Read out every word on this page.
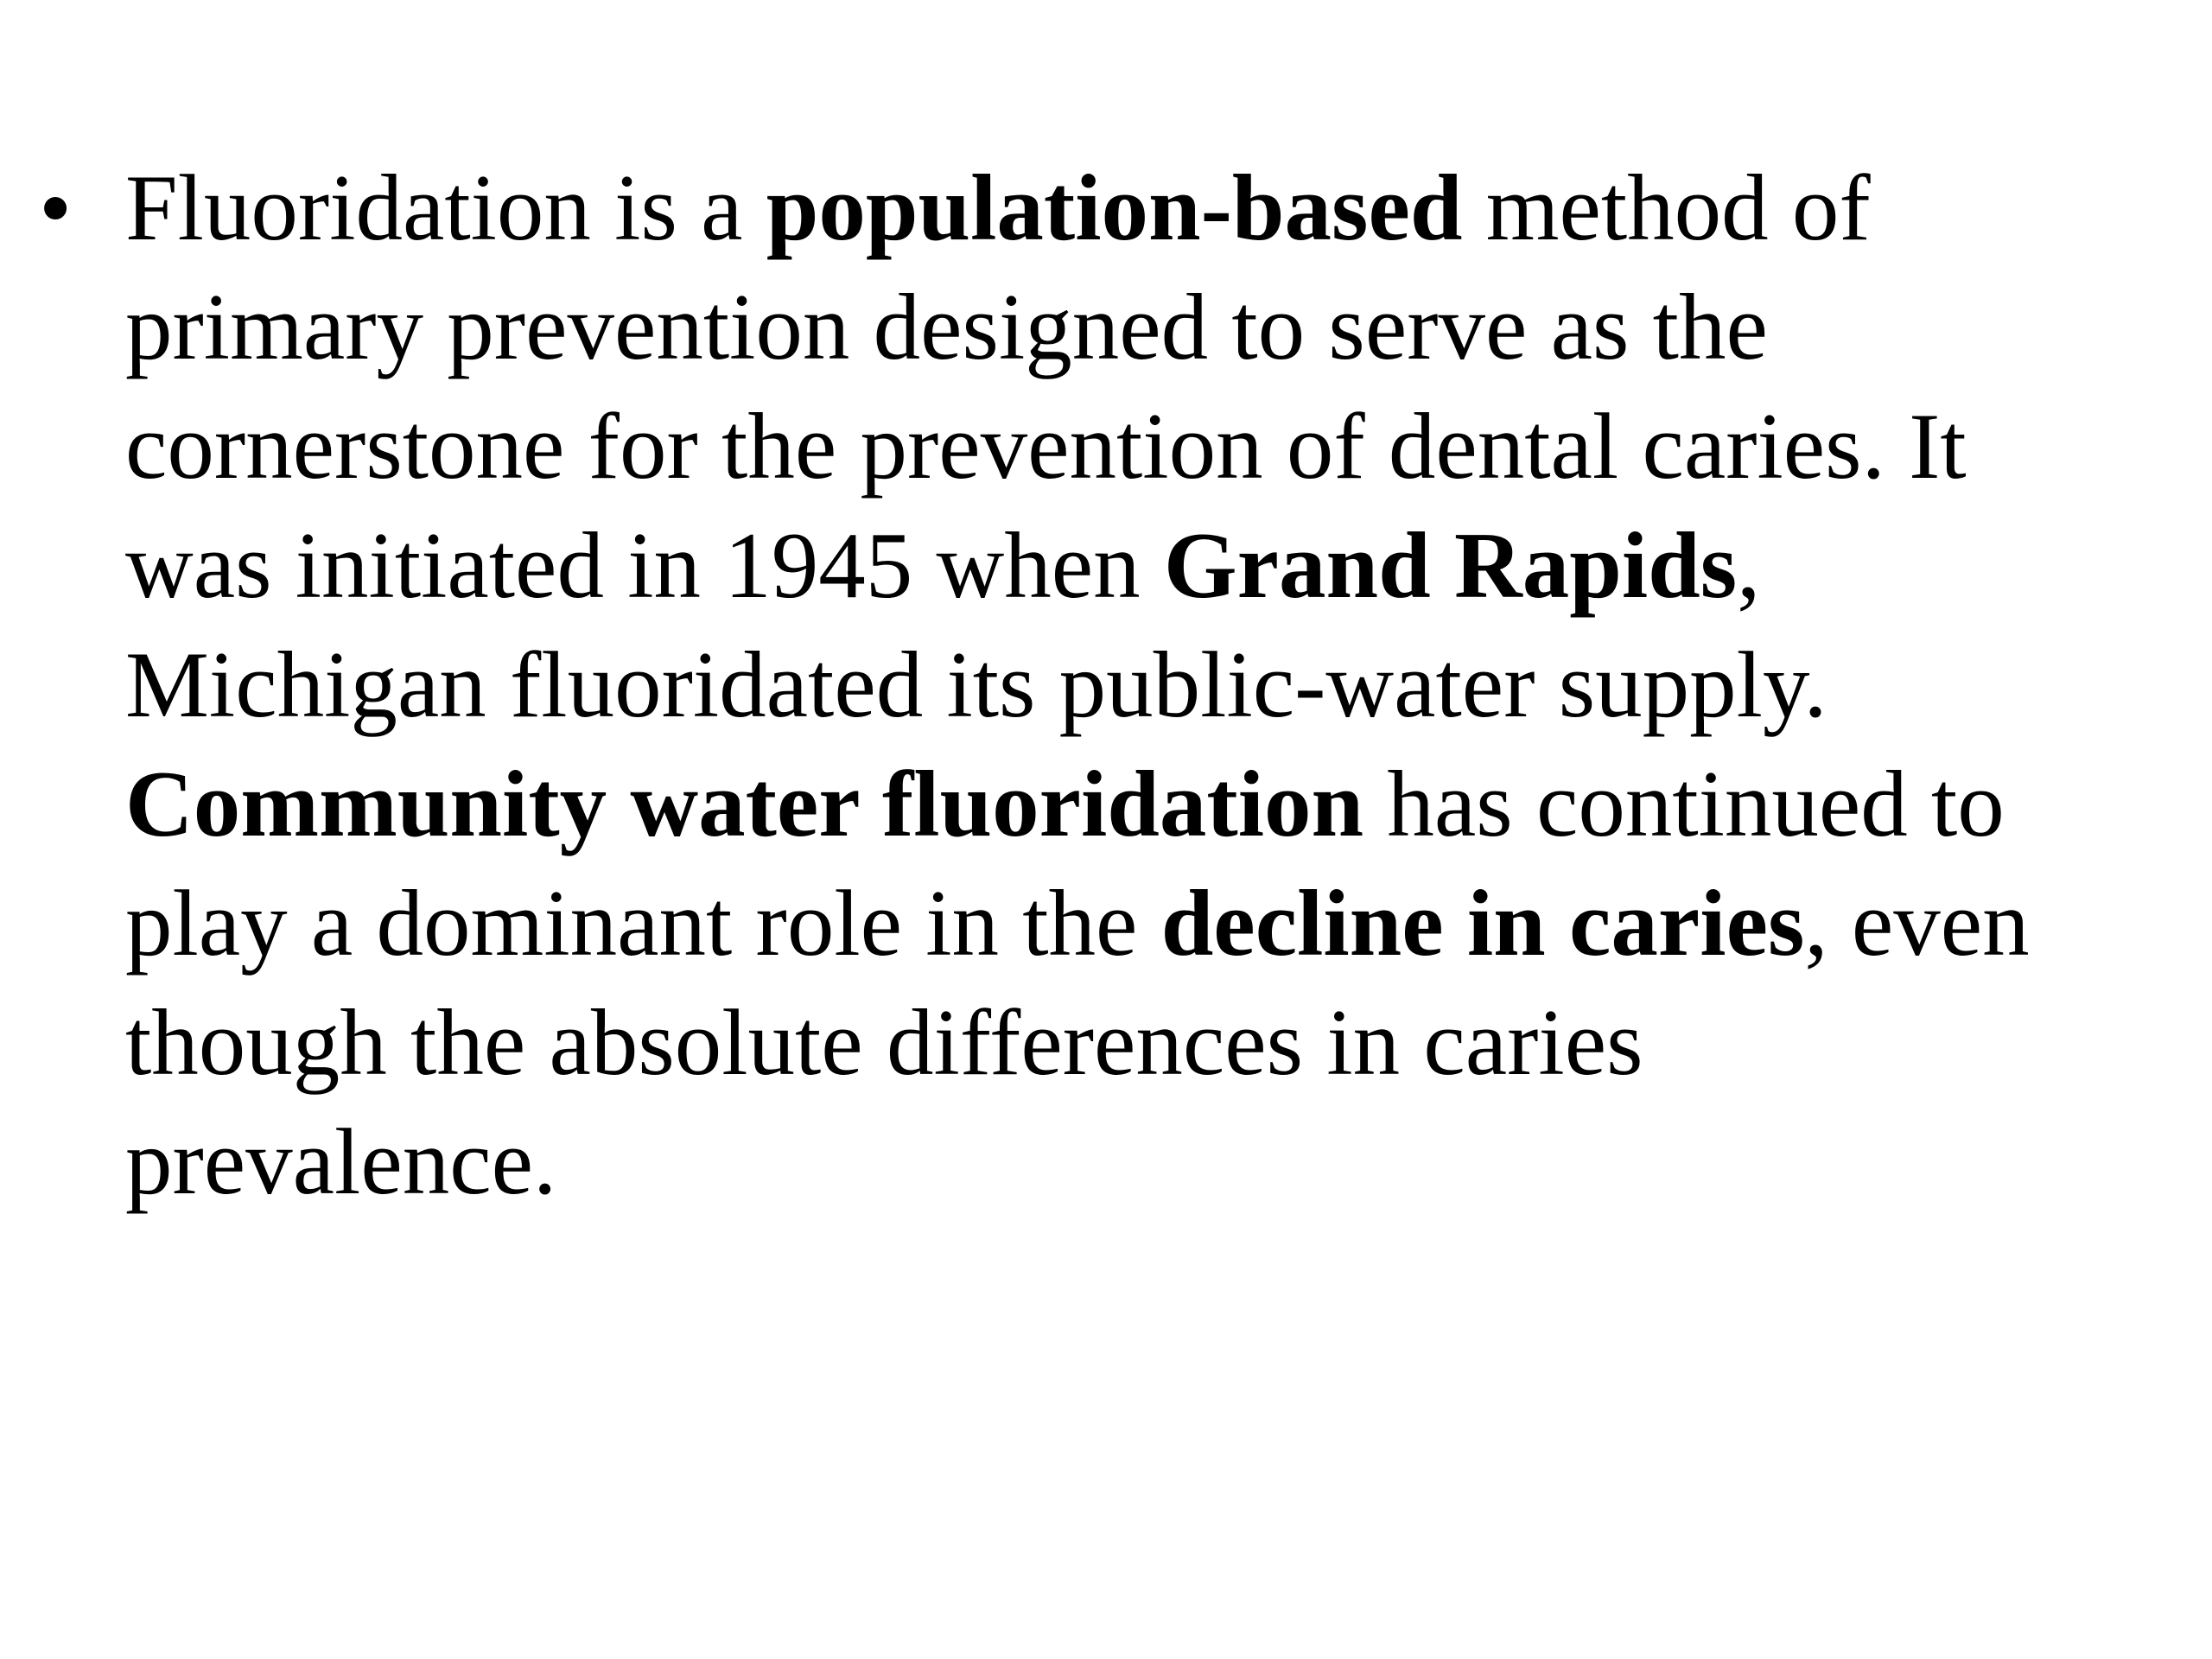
• Fluoridation is a population-based method of
primary prevention designed to serve as the
cornerstone for the prevention of dental caries. It
was initiated in 1945 when Grand Rapids,
Michigan fluoridated its public-water supply.
Community water fluoridation has continued to
play a dominant role in the decline in caries, even
though the absolute differences in caries
prevalence.
